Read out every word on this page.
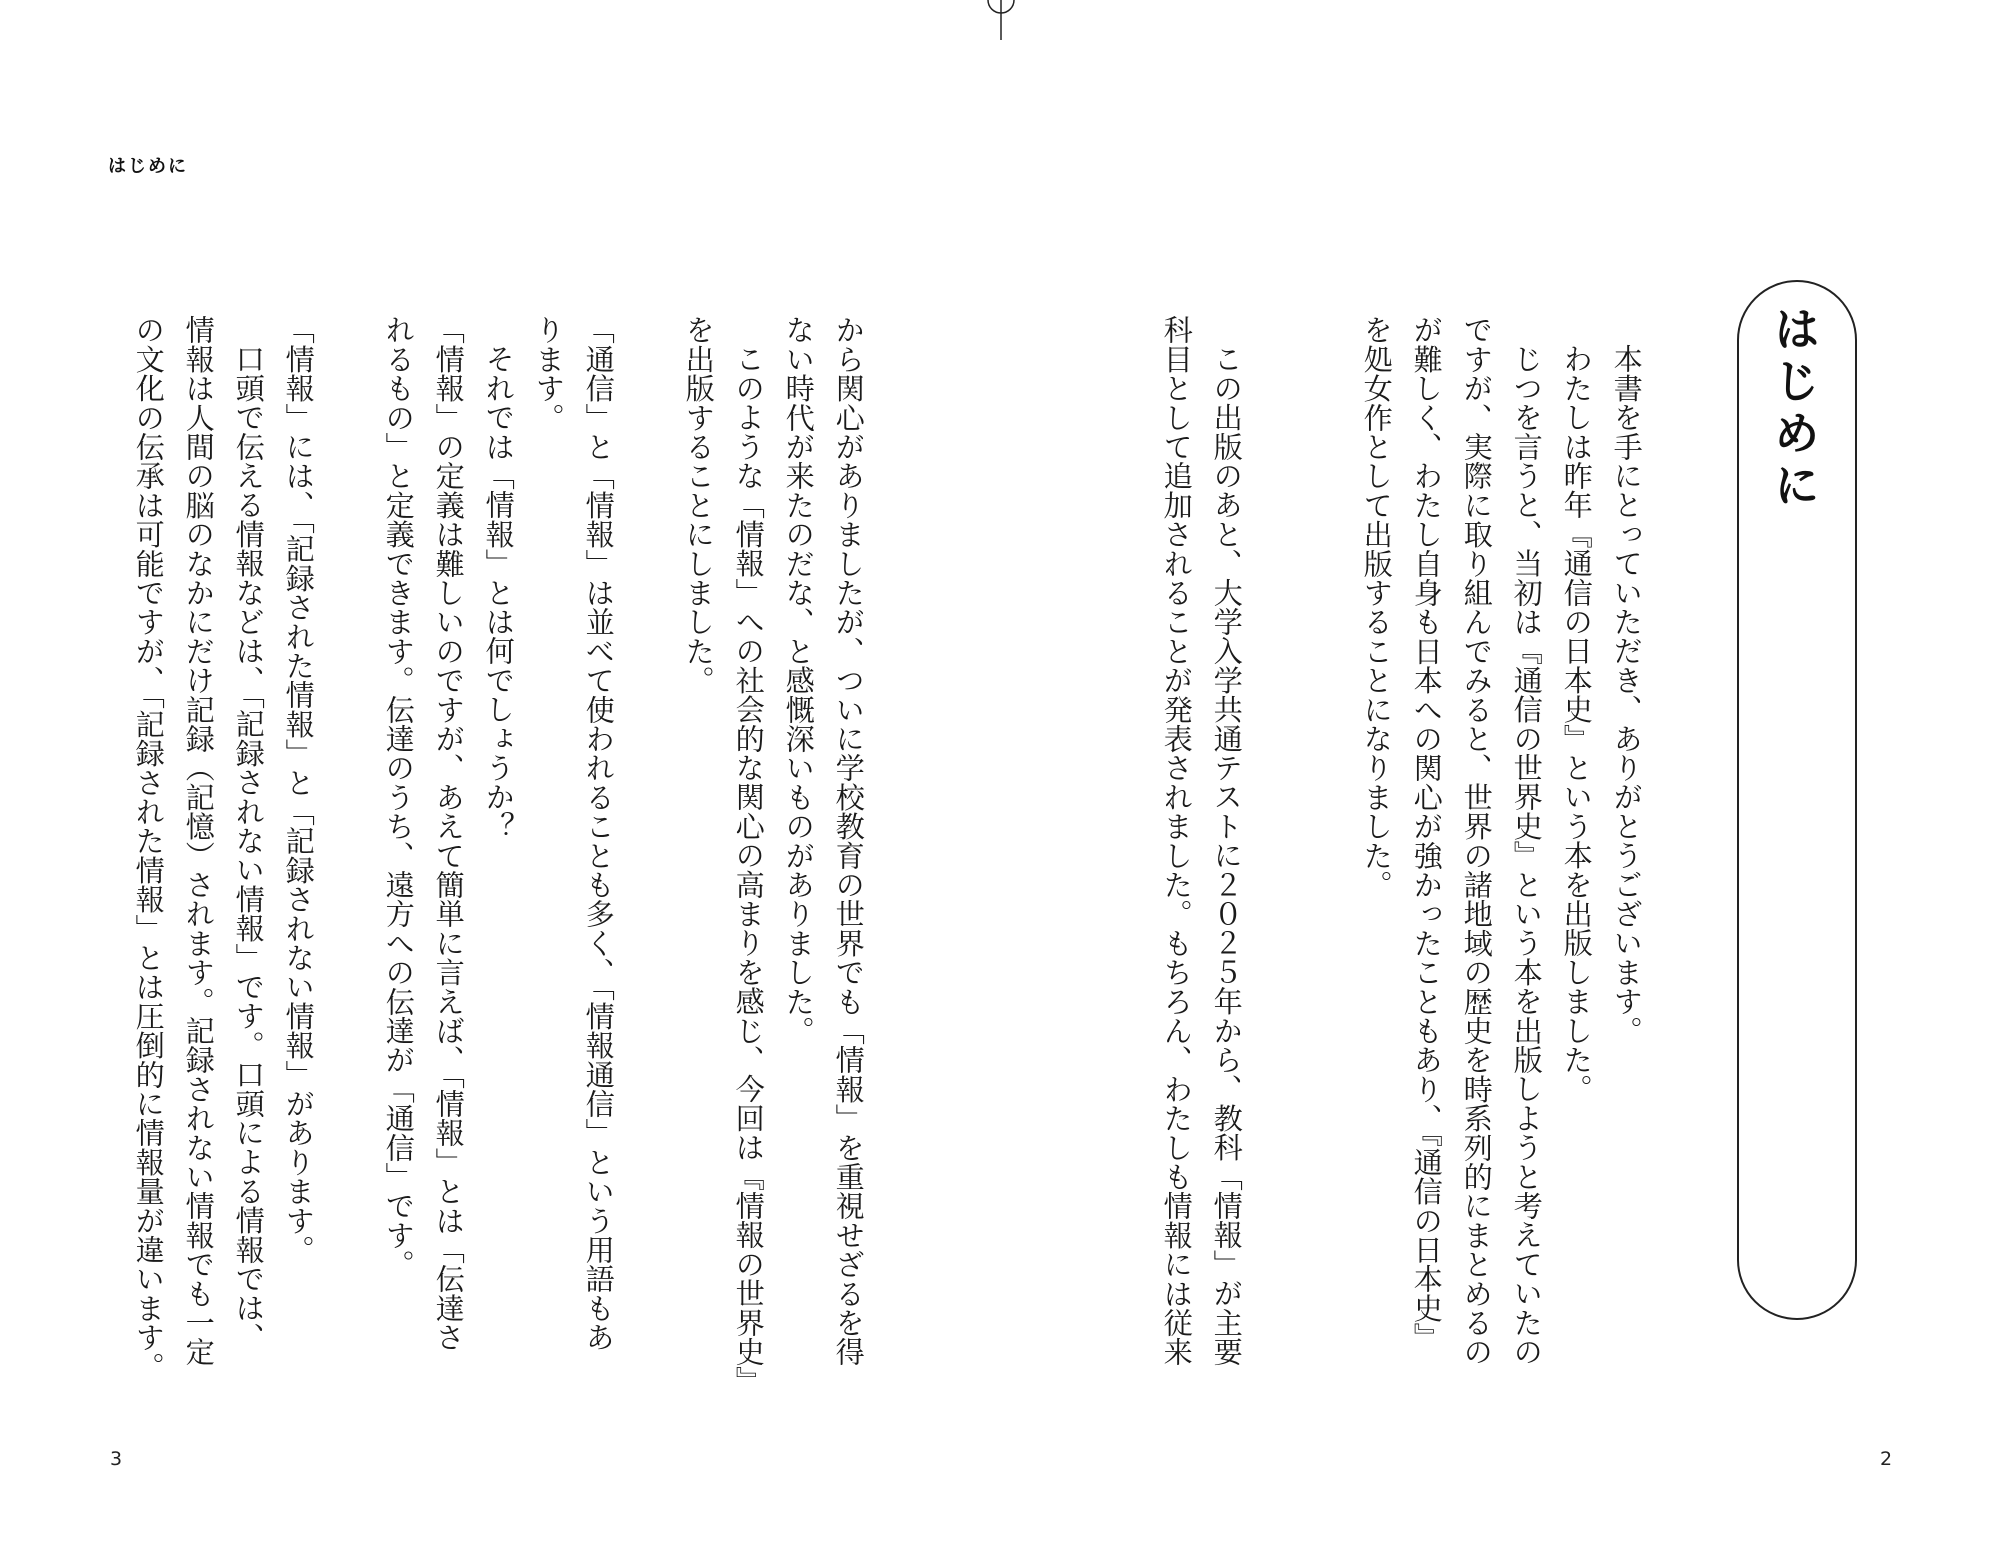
はじめに
はじめに
本書を手にとっていただき、ありがとうございます。
わたしは昨年『通信の日本史』という本を出版しました。
じつを言うと、当初は『通信の世界史』という本を出版しようと考えていたの
ですが、実際に取り組んでみると、世界の諸地域の歴史を時系列的にまとめるの
が難しく、わたし自身も日本への関心が強かったこともあり、『通信の日本史』
を処女作として出版することになりました。
この出版のあと、大学入学共通テストに２０２５年から、教科「情報」が主要
科目として追加されることが発表されました。もちろん、わたしも情報には従来
から関心がありましたが、ついに学校教育の世界でも「情報」を重視せざるを得
ない時代が来たのだな、と感慨深いものがありました。
このような「情報」への社会的な関心の高まりを感じ、今回は『情報の世界史』
を出版することにしました。
「通信」と「情報」は並べて使われることも多く、「情報通信」という用語もあ
ります。
それでは「情報」とは何でしょうか？
「情報」の定義は難しいのですが、あえて簡単に言えば、「情報」とは「伝達さ
れるもの」と定義できます。伝達のうち、遠方への伝達が「通信」です。
「情報」には、「記録された情報」と「記録されない情報」があります。
口頭で伝える情報などは、「記録されない情報」です。口頭による情報では、
情報は人間の脳のなかにだけ記録（記憶）されます。記録されない情報でも一定
の文化の伝承は可能ですが、「記録された情報」とは圧倒的に情報量が違います。
3	2
